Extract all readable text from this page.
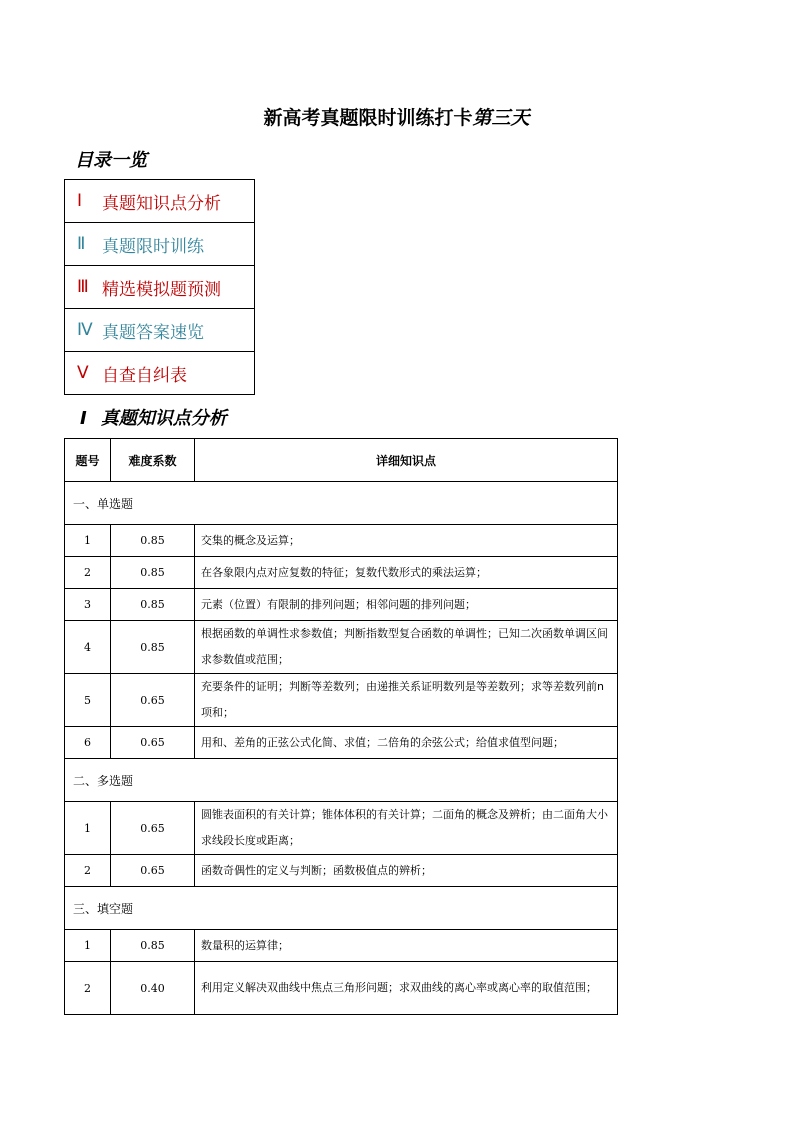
新高考真题限时训练打卡第三天
目录一览
Ⅰ	真题知识点分析
Ⅱ 真题限时训练
Ⅲ 精选模拟题预测
Ⅳ 真题答案速览
Ⅴ 自查自纠表
Ⅰ 真题知识点分析
题号	难度系数	详细知识点
一、单选题		
1	0.85	交集的概念及运算；
2	0.85	在各象限内点对应复数的特征；复数代数形式的乘法运算；
3	0.85	元素（位置）有限制的排列问题；相邻问题的排列问题；
4	0.85	根据函数的单调性求参数值；判断指数型复合函数的单调性；已知二次函数单调区间求参数值或范围；
5	0.65	充要条件的证明；判断等差数列；由递推关系证明数列是等差数列；求等差数列前n项和；
6	0.65	用和、差角的正弦公式化简、求值；二倍角的余弦公式；给值求值型问题；
二、多选题		
1	0.65	圆锥表面积的有关计算；锥体体积的有关计算；二面角的概念及辨析；由二面角大小求线段长度或距离；
2	0.65	函数奇偶性的定义与判断；函数极值点的辨析；
三、填空题		
1	0.85	数量积的运算律；
2	0.40	利用定义解决双曲线中焦点三角形问题；求双曲线的离心率或离心率的取值范围；
